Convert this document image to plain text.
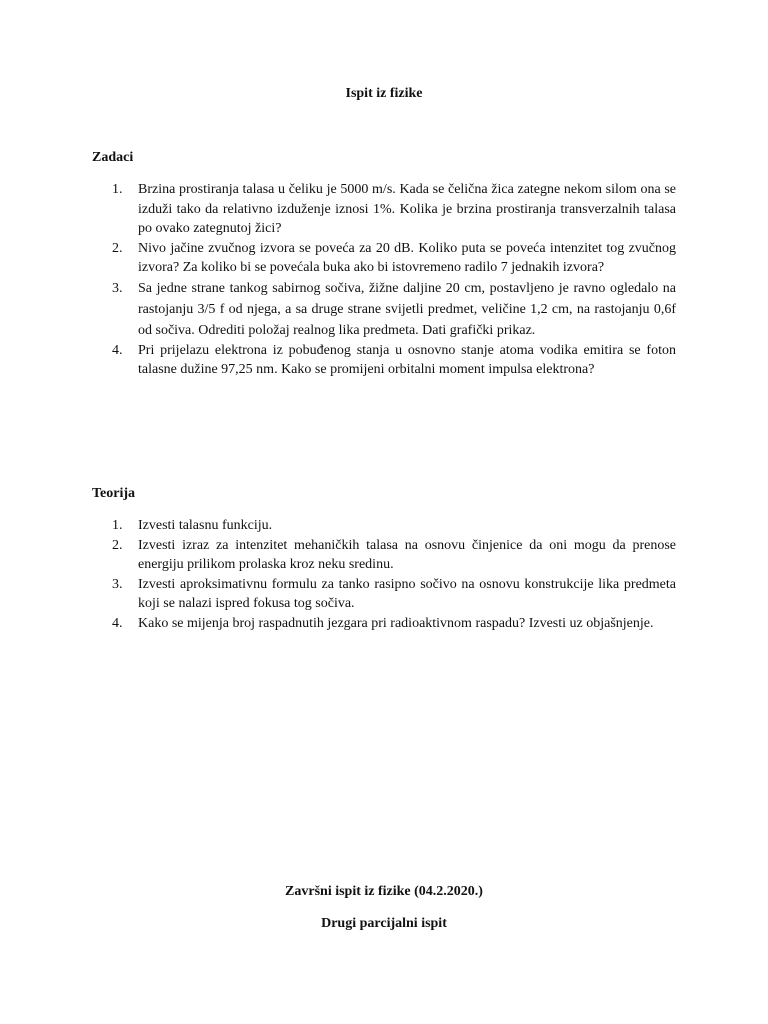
Ispit iz fizike
Zadaci
1. Brzina prostiranja talasa u čeliku je 5000 m/s. Kada se čelična žica zategne nekom silom ona se izduži tako da relativno izduženje iznosi 1%. Kolika je brzina prostiranja transverzalnih talasa po ovako zategnutoj žici?
2. Nivo jačine zvučnog izvora se poveća za 20 dB. Koliko puta se poveća intenzitet tog zvučnog izvora? Za koliko bi se povećala buka ako bi istovremeno radilo 7 jednakih izvora?
3. Sa jedne strane tankog sabirnog sočiva, žižne daljine 20 cm, postavljeno je ravno ogledalo na rastojanju 3/5 f od njega, a sa druge strane svijetli predmet, veličine 1,2 cm, na rastojanju 0,6f od sočiva. Odrediti položaj realnog lika predmeta. Dati grafički prikaz.
4. Pri prijelazu elektrona iz pobuđenog stanja u osnovno stanje atoma vodika emitira se foton talasne dužine 97,25 nm. Kako se promijeni orbitalni moment impulsa elektrona?
Teorija
1. Izvesti talasnu funkciju.
2. Izvesti izraz za intenzitet mehaničkih talasa na osnovu činjenice da oni mogu da prenose energiju prilikom prolaska kroz neku sredinu.
3. Izvesti aproksimativnu formulu za tanko rasipno sočivo na osnovu konstrukcije lika predmeta koji se nalazi ispred fokusa tog sočiva.
4. Kako se mijenja broj raspadnutih jezgara pri radioaktivnom raspadu? Izvesti uz objašnjenje.
Završni ispit iz fizike (04.2.2020.)
Drugi parcijalni ispit
